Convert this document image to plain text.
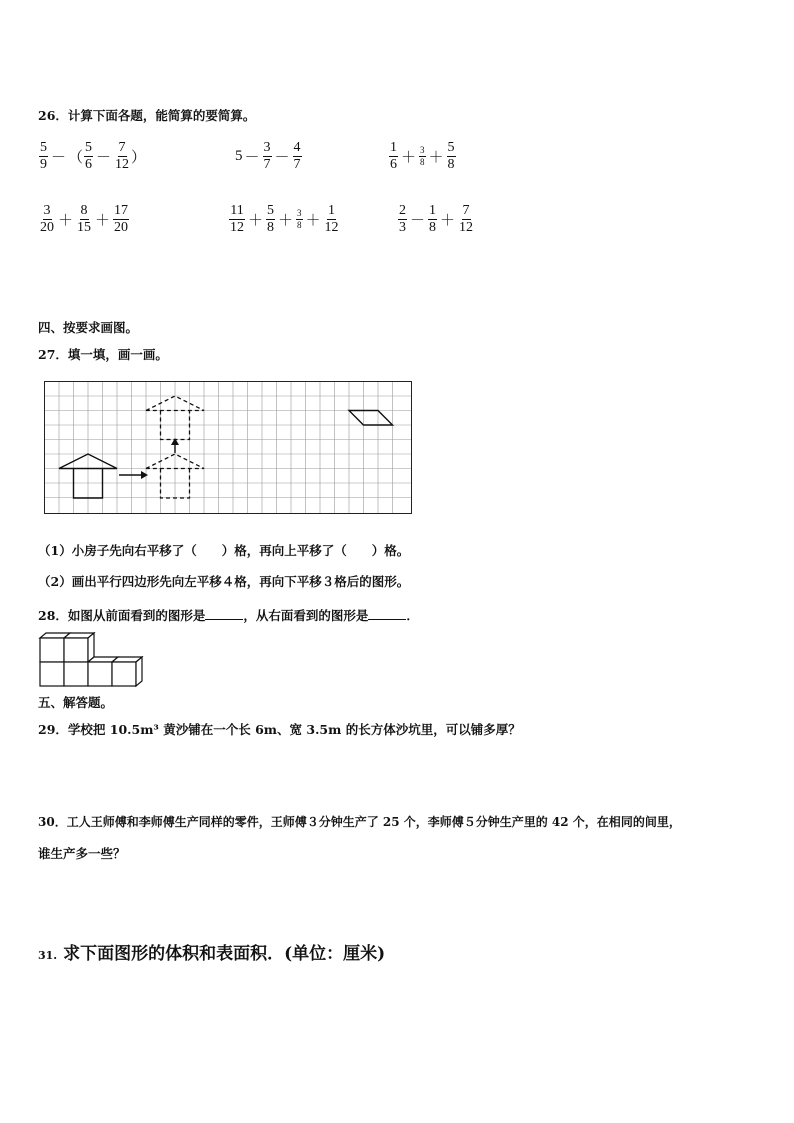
26．计算下面各题，能简算的要简算。
$\frac{5}{9}$ － （ $\frac{5}{6} - \frac{7}{12}$ ）	$5 - \frac{3}{7} - \frac{4}{7}$	$\frac{1}{6} + \frac{3}{8} + \frac{5}{8}$
$\frac{3}{20} + \frac{8}{15} + \frac{17}{20}$	$\frac{11}{12} + \frac{5}{8} + \frac{3}{8} + \frac{1}{12}$	$\frac{2}{3} - \frac{1}{8} + \frac{7}{12}$
四、按要求画图。
27．填一填，画一画。
（1）小房子先向右平移了（　　）格，再向上平移了（　　）格。
（2）画出平行四边形先向左平移４格，再向下平移３格后的图形。
28．如图从前面看到的图形是	，从右面看到的图形是	．
五、解答题。
29．学校把 10.5m³ 黄沙铺在一个长 6m、宽 3.5m 的长方体沙坑里，可以铺多厚？
30．工人王师傅和李师傅生产同样的零件，王师傅３分钟生产了 25 个，李师傅５分钟生产里的 42 个，在相同的间里，
谁生产多一些？
31. 求下面图形的体积和表面积．(单位：厘米)
